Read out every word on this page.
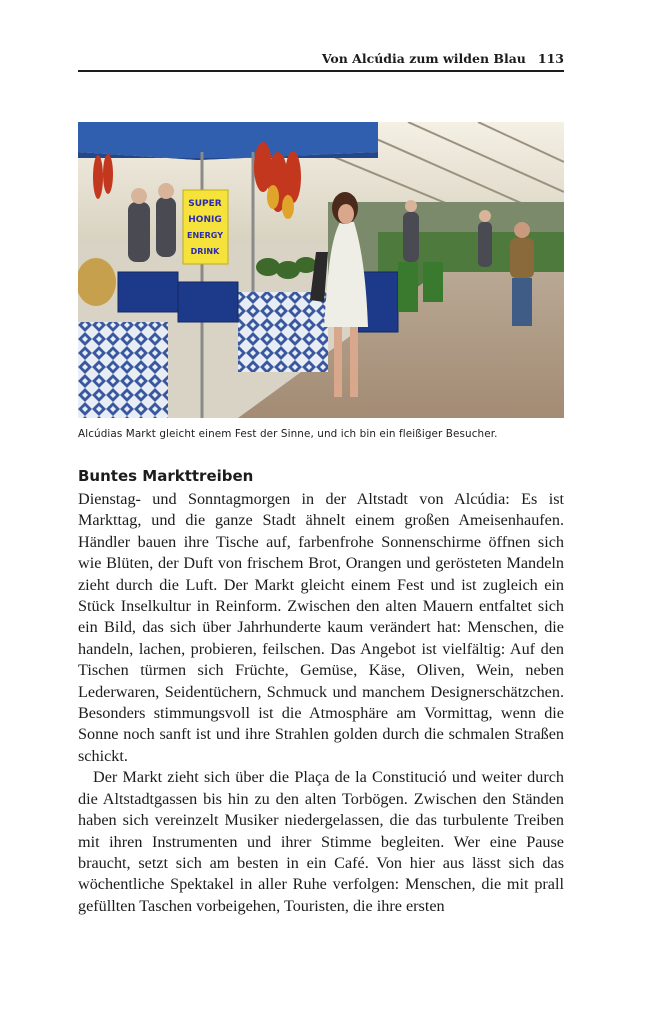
Von Alcúdia zum wilden Blau 113
SUPER
HONIG
ENERGY
DRINK
Alcúdias Markt gleicht einem Fest der Sinne, und ich bin ein fleißiger Besucher.
Buntes Markttreiben

Dienstag- und Sonntagmorgen in der Altstadt von Alcúdia: Es ist Markttag, und die ganze Stadt ähnelt einem großen Ameisenhaufen. Händler bauen ihre Tische auf, farbenfrohe Sonnenschirme öffnen sich wie Blüten, der Duft von frischem Brot, Orangen und gerösteten Mandeln zieht durch die Luft. Der Markt gleicht einem Fest und ist zugleich ein Stück Inselkultur in Reinform. Zwischen den alten Mauern entfaltet sich ein Bild, das sich über Jahrhunderte kaum verändert hat: Menschen, die handeln, lachen, probieren, feilschen. Das Angebot ist vielfältig: Auf den Tischen türmen sich Früchte, Gemüse, Käse, Oliven, Wein, neben Lederwaren, Seidentüchern, Schmuck und manchem Designerschätzchen. Besonders stimmungsvoll ist die Atmosphäre am Vormittag, wenn die Sonne noch sanft ist und ihre Strahlen golden durch die schmalen Straßen schickt.

Der Markt zieht sich über die Plaça de la Constitució und weiter durch die Altstadtgassen bis hin zu den alten Torbögen. Zwischen den Ständen haben sich vereinzelt Musiker niedergelassen, die das turbulente Treiben mit ihren Instrumenten und ihrer Stimme begleiten. Wer eine Pause braucht, setzt sich am besten in ein Café. Von hier aus lässt sich das wöchentliche Spektakel in aller Ruhe verfolgen: Menschen, die mit prall gefüllten Taschen vorbeigehen, Touristen, die ihre ersten
